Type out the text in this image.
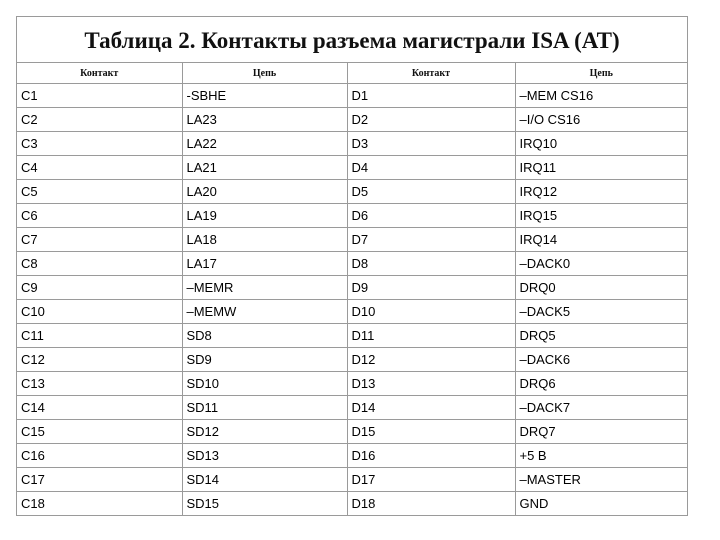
Таблица 2. Контакты разъема магистрали ISA (AT)
Контакт	Цепь	Контакт	Цепь
C1	-SBHE	D1	–MEM CS16
C2	LA23	D2	–I/O CS16
C3	LA22	D3	IRQ10
C4	LA21	D4	IRQ11
C5	LA20	D5	IRQ12
C6	LA19	D6	IRQ15
C7	LA18	D7	IRQ14
C8	LA17	D8	–DACK0
C9	–MEMR	D9	DRQ0
C10	–MEMW	D10	–DACK5
C11	SD8	D11	DRQ5
C12	SD9	D12	–DACK6
C13	SD10	D13	DRQ6
C14	SD11	D14	–DACK7
C15	SD12	D15	DRQ7
C16	SD13	D16	+5 В
C17	SD14	D17	–MASTER
C18	SD15	D18	GND
